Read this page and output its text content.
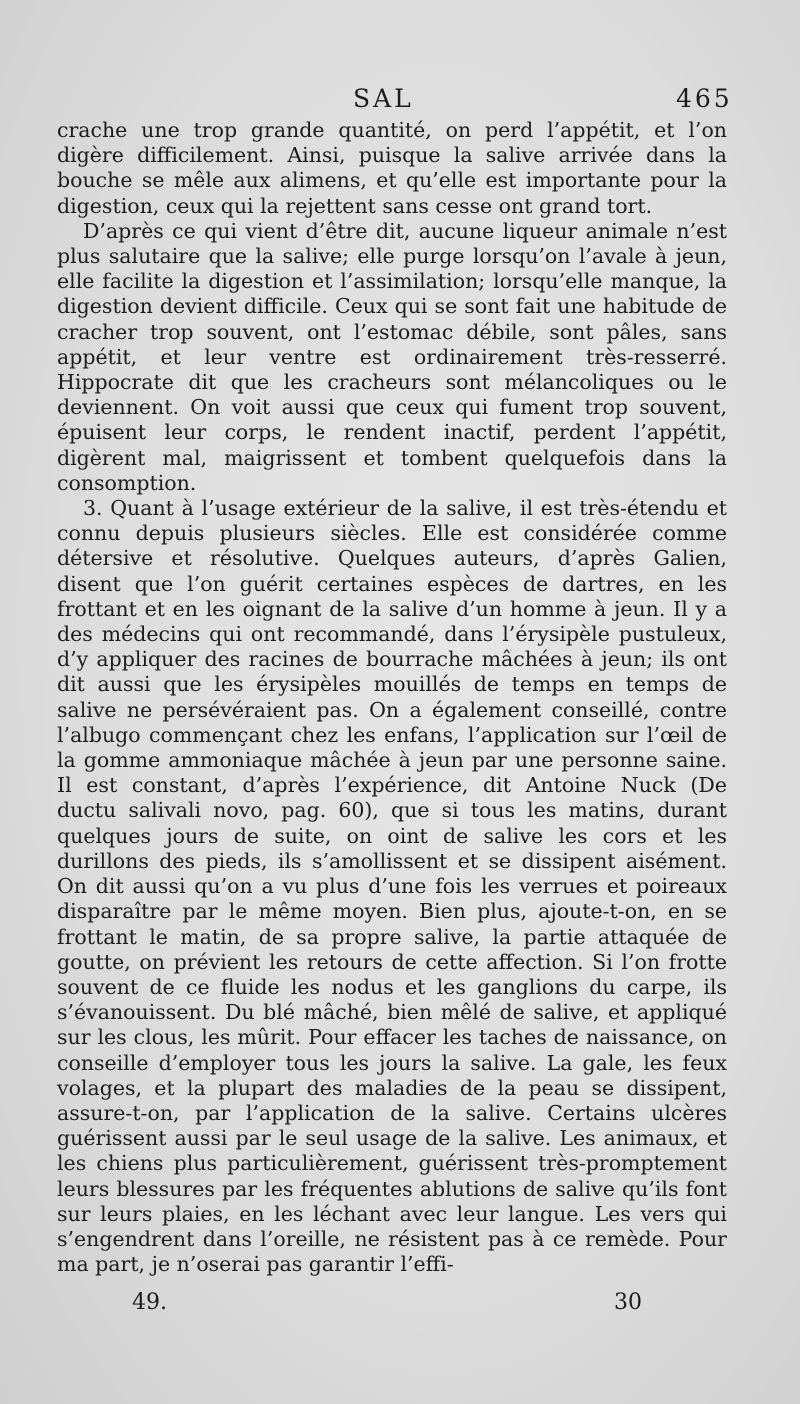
SAL	465

crache une trop grande quantité, on perd l’appétit, et l’on digère difficilement. Ainsi, puisque la salive arrivée dans la bouche se mêle aux alimens, et qu’elle est importante pour la digestion, ceux qui la rejettent sans cesse ont grand tort.

D’après ce qui vient d’être dit, aucune liqueur animale n’est plus salutaire que la salive; elle purge lorsqu’on l’avale à jeun, elle facilite la digestion et l’assimilation; lorsqu’elle manque, la digestion devient difficile. Ceux qui se sont fait une habitude de cracher trop souvent, ont l’estomac débile, sont pâles, sans appétit, et leur ventre est ordinairement très-resserré. Hippocrate dit que les cracheurs sont mélancoliques ou le deviennent. On voit aussi que ceux qui fument trop souvent, épuisent leur corps, le rendent inactif, perdent l’appétit, digèrent mal, maigrissent et tombent quelquefois dans la consomption.

3. Quant à l’usage extérieur de la salive, il est très-étendu et connu depuis plusieurs siècles. Elle est considérée comme détersive et résolutive. Quelques auteurs, d’après Galien, disent que l’on guérit certaines espèces de dartres, en les frottant et en les oignant de la salive d’un homme à jeun. Il y a des médecins qui ont recommandé, dans l’érysipèle pustuleux, d’y appliquer des racines de bourrache mâchées à jeun; ils ont dit aussi que les érysipèles mouillés de temps en temps de salive ne persévéraient pas. On a également conseillé, contre l’albugo commençant chez les enfans, l’application sur l’œil de la gomme ammoniaque mâchée à jeun par une personne saine. Il est constant, d’après l’expérience, dit Antoine Nuck (De ductu salivali novo, pag. 60), que si tous les matins, durant quelques jours de suite, on oint de salive les cors et les durillons des pieds, ils s’amollissent et se dissipent aisément. On dit aussi qu’on a vu plus d’une fois les verrues et poireaux disparaître par le même moyen. Bien plus, ajoute-t-on, en se frottant le matin, de sa propre salive, la partie attaquée de goutte, on prévient les retours de cette affection. Si l’on frotte souvent de ce fluide les nodus et les ganglions du carpe, ils s’évanouissent. Du blé mâché, bien mêlé de salive, et appliqué sur les clous, les mûrit. Pour effacer les taches de naissance, on conseille d’employer tous les jours la salive. La gale, les feux volages, et la plupart des maladies de la peau se dissipent, assure-t-on, par l’application de la salive. Certains ulcères guérissent aussi par le seul usage de la salive. Les animaux, et les chiens plus particulièrement, guérissent très-promptement leurs blessures par les fréquentes ablutions de salive qu’ils font sur leurs plaies, en les léchant avec leur langue. Les vers qui s’engendrent dans l’oreille, ne résistent pas à ce remède. Pour ma part, je n’oserai pas garantir l’effi-

49.	30
